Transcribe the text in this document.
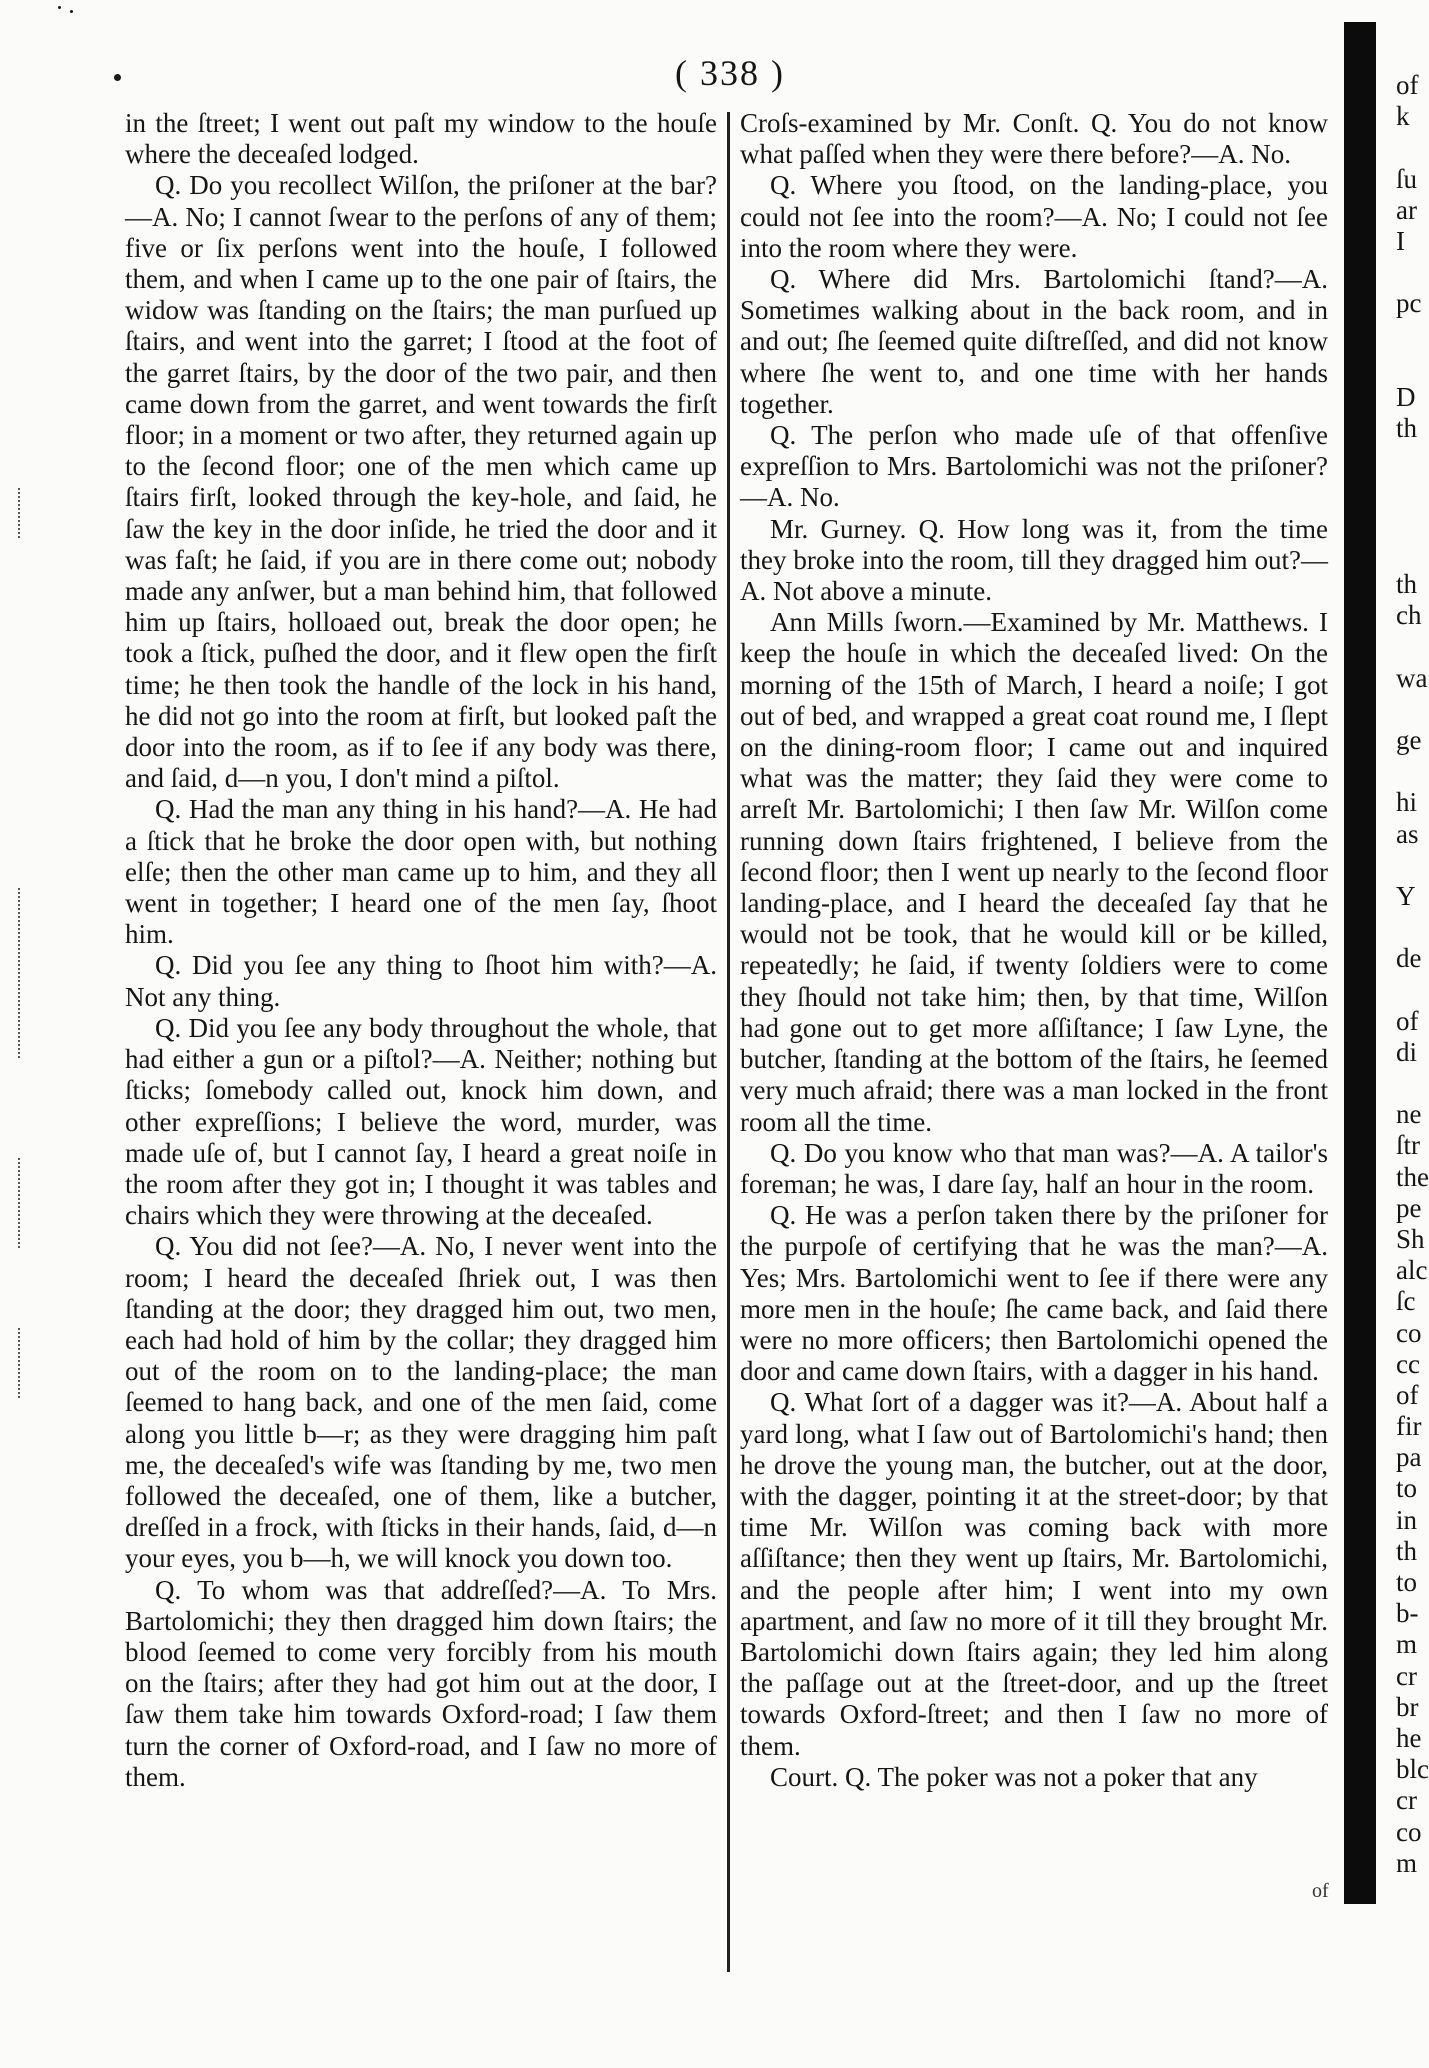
( 338 )

in the ſtreet; I went out paſt my window to the houſe where the deceaſed lodged.

Q. Do you recollect Wilſon, the priſoner at the bar?—A. No; I cannot ſwear to the perſons of any of them; five or ſix perſons went into the houſe, I followed them, and when I came up to the one pair of ſtairs, the widow was ſtanding on the ſtairs; the man purſued up ſtairs, and went into the garret; I ſtood at the foot of the garret ſtairs, by the door of the two pair, and then came down from the garret, and went towards the firſt floor; in a moment or two after, they returned again up to the ſecond floor; one of the men which came up ſtairs firſt, looked through the key-hole, and ſaid, he ſaw the key in the door inſide, he tried the door and it was faſt; he ſaid, if you are in there come out; nobody made any anſwer, but a man behind him, that followed him up ſtairs, holloaed out, break the door open; he took a ſtick, puſhed the door, and it flew open the firſt time; he then took the handle of the lock in his hand, he did not go into the room at firſt, but looked paſt the door into the room, as if to ſee if any body was there, and ſaid, d—n you, I don't mind a piſtol.

Q. Had the man any thing in his hand?—A. He had a ſtick that he broke the door open with, but nothing elſe; then the other man came up to him, and they all went in together; I heard one of the men ſay, ſhoot him.

Q. Did you ſee any thing to ſhoot him with?—A. Not any thing.

Q. Did you ſee any body throughout the whole, that had either a gun or a piſtol?—A. Neither; nothing but ſticks; ſomebody called out, knock him down, and other expreſſions; I believe the word, murder, was made uſe of, but I cannot ſay, I heard a great noiſe in the room after they got in; I thought it was tables and chairs which they were throwing at the deceaſed.

Q. You did not ſee?—A. No, I never went into the room; I heard the deceaſed ſhriek out, I was then ſtanding at the door; they dragged him out, two men, each had hold of him by the collar; they dragged him out of the room on to the landing-place; the man ſeemed to hang back, and one of the men ſaid, come along you little b—r; as they were dragging him paſt me, the deceaſed's wife was ſtanding by me, two men followed the deceaſed, one of them, like a butcher, dreſſed in a frock, with ſticks in their hands, ſaid, d—n your eyes, you b—h, we will knock you down too.

Q. To whom was that addreſſed?—A. To Mrs. Bartolomichi; they then dragged him down ſtairs; the blood ſeemed to come very forcibly from his mouth on the ſtairs; after they had got him out at the door, I ſaw them take him towards Oxford-road; I ſaw them turn the corner of Oxford-road, and I ſaw no more of them.

Croſs-examined by Mr. Conſt. Q. You do not know what paſſed when they were there before?—A. No.

Q. Where you ſtood, on the landing-place, you could not ſee into the room?—A. No; I could not ſee into the room where they were.

Q. Where did Mrs. Bartolomichi ſtand?—A. Sometimes walking about in the back room, and in and out; ſhe ſeemed quite diſtreſſed, and did not know where ſhe went to, and one time with her hands together.

Q. The perſon who made uſe of that offenſive expreſſion to Mrs. Bartolomichi was not the priſoner?—A. No.

Mr. Gurney. Q. How long was it, from the time they broke into the room, till they dragged him out?—A. Not above a minute.

Ann Mills ſworn.—Examined by Mr. Matthews. I keep the houſe in which the deceaſed lived: On the morning of the 15th of March, I heard a noiſe; I got out of bed, and wrapped a great coat round me, I ſlept on the dining-room floor; I came out and inquired what was the matter; they ſaid they were come to arreſt Mr. Bartolomichi; I then ſaw Mr. Wilſon come running down ſtairs frightened, I believe from the ſecond floor; then I went up nearly to the ſecond floor landing-place, and I heard the deceaſed ſay that he would not be took, that he would kill or be killed, repeatedly; he ſaid, if twenty ſoldiers were to come they ſhould not take him; then, by that time, Wilſon had gone out to get more aſſiſtance; I ſaw Lyne, the butcher, ſtanding at the bottom of the ſtairs, he ſeemed very much afraid; there was a man locked in the front room all the time.

Q. Do you know who that man was?—A. A tailor's foreman; he was, I dare ſay, half an hour in the room.

Q. He was a perſon taken there by the priſoner for the purpoſe of certifying that he was the man?—A. Yes; Mrs. Bartolomichi went to ſee if there were any more men in the houſe; ſhe came back, and ſaid there were no more officers; then Bartolomichi opened the door and came down ſtairs, with a dagger in his hand.

Q. What ſort of a dagger was it?—A. About half a yard long, what I ſaw out of Bartolomichi's hand; then he drove the young man, the butcher, out at the door, with the dagger, pointing it at the street-door; by that time Mr. Wilſon was coming back with more aſſiſtance; then they went up ſtairs, Mr. Bartolomichi, and the people after him; I went into my own apartment, and ſaw no more of it till they brought Mr. Bartolomichi down ſtairs again; they led him along the paſſage out at the ſtreet-door, and up the ſtreet towards Oxford-ſtreet; and then I ſaw no more of them.

Court. Q. The poker was not a poker that any

of
of
k
ſu
ar
I
pc
D
th
th
ch
wa
ge
hi
as
Y
de
of
di
ne
ſtr
the
pe
Sh
alc
ſc
co
cc
of
fir
pa
to
in
th
to
b-
m
cr
br
he
blc
cr
co
m
